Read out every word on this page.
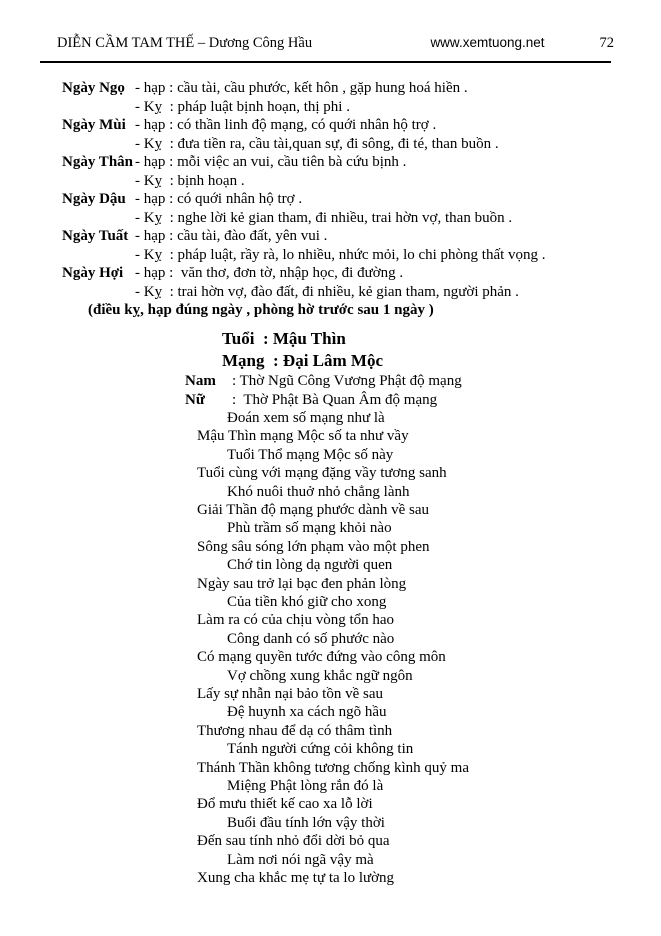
DIỄN CẦM TAM THẾ – Dương Công Hầu	www.xemtuong.net	72
Ngày Ngọ - hạp : cầu tài, cầu phước, kết hôn , gặp hung hoá hiền .
- Kỵ  : pháp luật bịnh hoạn, thị phi .
Ngày Mùi - hạp : có thần linh độ mạng, có quới nhân hộ trợ .
- Kỵ  : đưa tiền ra, cầu tài,quan sự, đi sông, đi té, than buồn .
Ngày Thân - hạp : mỗi việc an vui, cầu tiên bà cứu bịnh .
- Kỵ  : bịnh hoạn .
Ngày Dậu - hạp : có quới nhân hộ trợ .
- Kỵ  : nghe lời kẻ gian tham, đi nhiều, trai hờn vợ, than buồn .
Ngày Tuất - hạp : cầu tài, đào đất, yên vui .
- Kỵ  : pháp luật, rầy rà, lo nhiều, nhức mỏi, lo chi phòng thất vọng .
Ngày Hợi - hạp :  văn thơ, đơn tờ, nhập học, đi đường .
- Kỵ  : trai hờn vợ, đào đất, đi nhiều, kẻ gian tham, người phản .
(điều kỵ, hạp đúng ngày , phòng hờ trước sau 1 ngày )
Tuổi  : Mậu Thìn
Mạng  : Đại Lâm Mộc
Nam : Thờ Ngũ Công Vương Phật độ mạng
Nữ :  Thờ Phật Bà Quan Âm độ mạng
Đoán xem số mạng như là
Mậu Thìn mạng Mộc số ta như vầy
Tuổi Thổ mạng Mộc số này
Tuổi cùng với mạng đặng vầy tương sanh
Khó nuôi thuở nhỏ chẳng lành
Giải Thần độ mạng phước dành về sau
Phù trầm số mạng khỏi nào
Sông sâu sóng lớn phạm vào một phen
Chớ tin lòng dạ người quen
Ngày sau trở lại bạc đen phản lòng
Của tiền khó giữ cho xong
Làm ra có của chịu vòng tổn hao
Công danh có số phước nào
Có mạng quyền tước đứng vào công môn
Vợ chồng xung khắc ngữ ngôn
Lấy sự nhẫn nại bảo tồn về sau
Đệ huynh xa cách ngõ hầu
Thương nhau để dạ có thâm tình
Tánh người cứng cỏi không tin
Thánh Thần không tương chống kình quỷ ma
Miệng Phật lòng rắn đó là
Đổ mưu thiết kế cao xa lỗ lời
Buổi đầu tính lớn vậy thời
Đến sau tính nhỏ đổi dời bỏ qua
Làm nơi nói ngã vậy mà
Xung cha khắc mẹ tự ta lo lường
